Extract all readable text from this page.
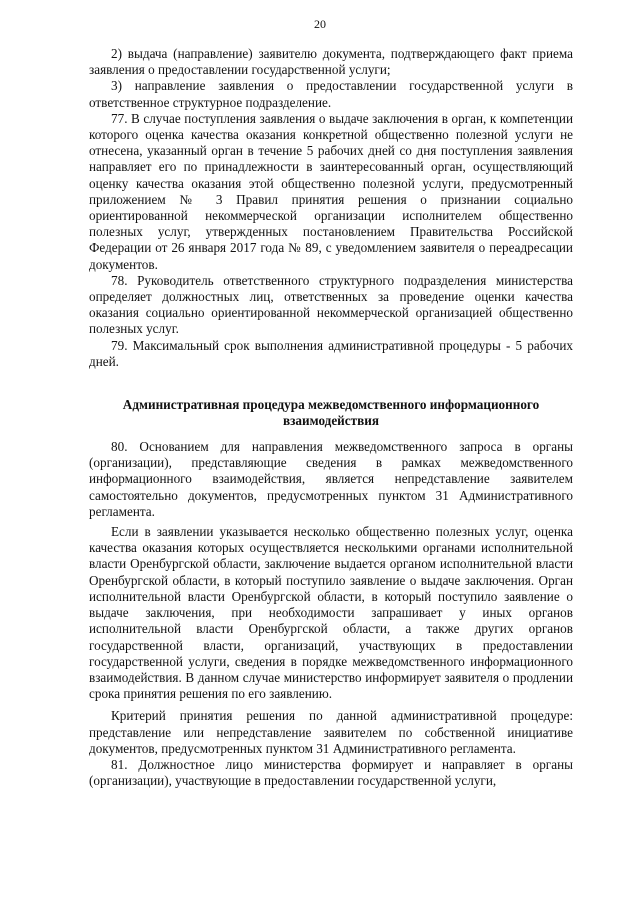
20

2) выдача (направление) заявителю документа, подтверждающего факт приема заявления о предоставлении государственной услуги;

3) направление заявления о предоставлении государственной услуги в ответственное структурное подразделение.

77. В случае поступления заявления о выдаче заключения в орган, к компетенции которого оценка качества оказания конкретной общественно полезной услуги не отнесена, указанный орган в течение 5 рабочих дней со дня поступления заявления направляет его по принадлежности в заинтересованный орган, осуществляющий оценку качества оказания этой общественно полезной услуги, предусмотренный приложением № 3 Правил принятия решения о признании социально ориентированной некоммерческой организации исполнителем общественно полезных услуг, утвержденных постановлением Правительства Российской Федерации от 26 января 2017 года № 89, с уведомлением заявителя о переадресации документов.

78. Руководитель ответственного структурного подразделения министерства определяет должностных лиц, ответственных за проведение оценки качества оказания социально ориентированной некоммерческой организацией общественно полезных услуг.

79. Максимальный срок выполнения административной процедуры - 5 рабочих дней.

Административная процедура межведомственного информационного взаимодействия

80. Основанием для направления межведомственного запроса в органы (организации), представляющие сведения в рамках межведомственного информационного взаимодействия, является непредставление заявителем самостоятельно документов, предусмотренных пунктом 31 Административного регламента.

Если в заявлении указывается несколько общественно полезных услуг, оценка качества оказания которых осуществляется несколькими органами исполнительной власти Оренбургской области, заключение выдается органом исполнительной власти Оренбургской области, в который поступило заявление о выдаче заключения. Орган исполнительной власти Оренбургской области, в который поступило заявление о выдаче заключения, при необходимости запрашивает у иных органов исполнительной власти Оренбургской области, а также других органов государственной власти, организаций, участвующих в предоставлении государственной услуги, сведения в порядке межведомственного информационного взаимодействия. В данном случае министерство информирует заявителя о продлении срока принятия решения по его заявлению.

Критерий принятия решения по данной административной процедуре: представление или непредставление заявителем по собственной инициативе документов, предусмотренных пунктом 31 Административного регламента.

81. Должностное лицо министерства формирует и направляет в органы (организации), участвующие в предоставлении государственной услуги,
